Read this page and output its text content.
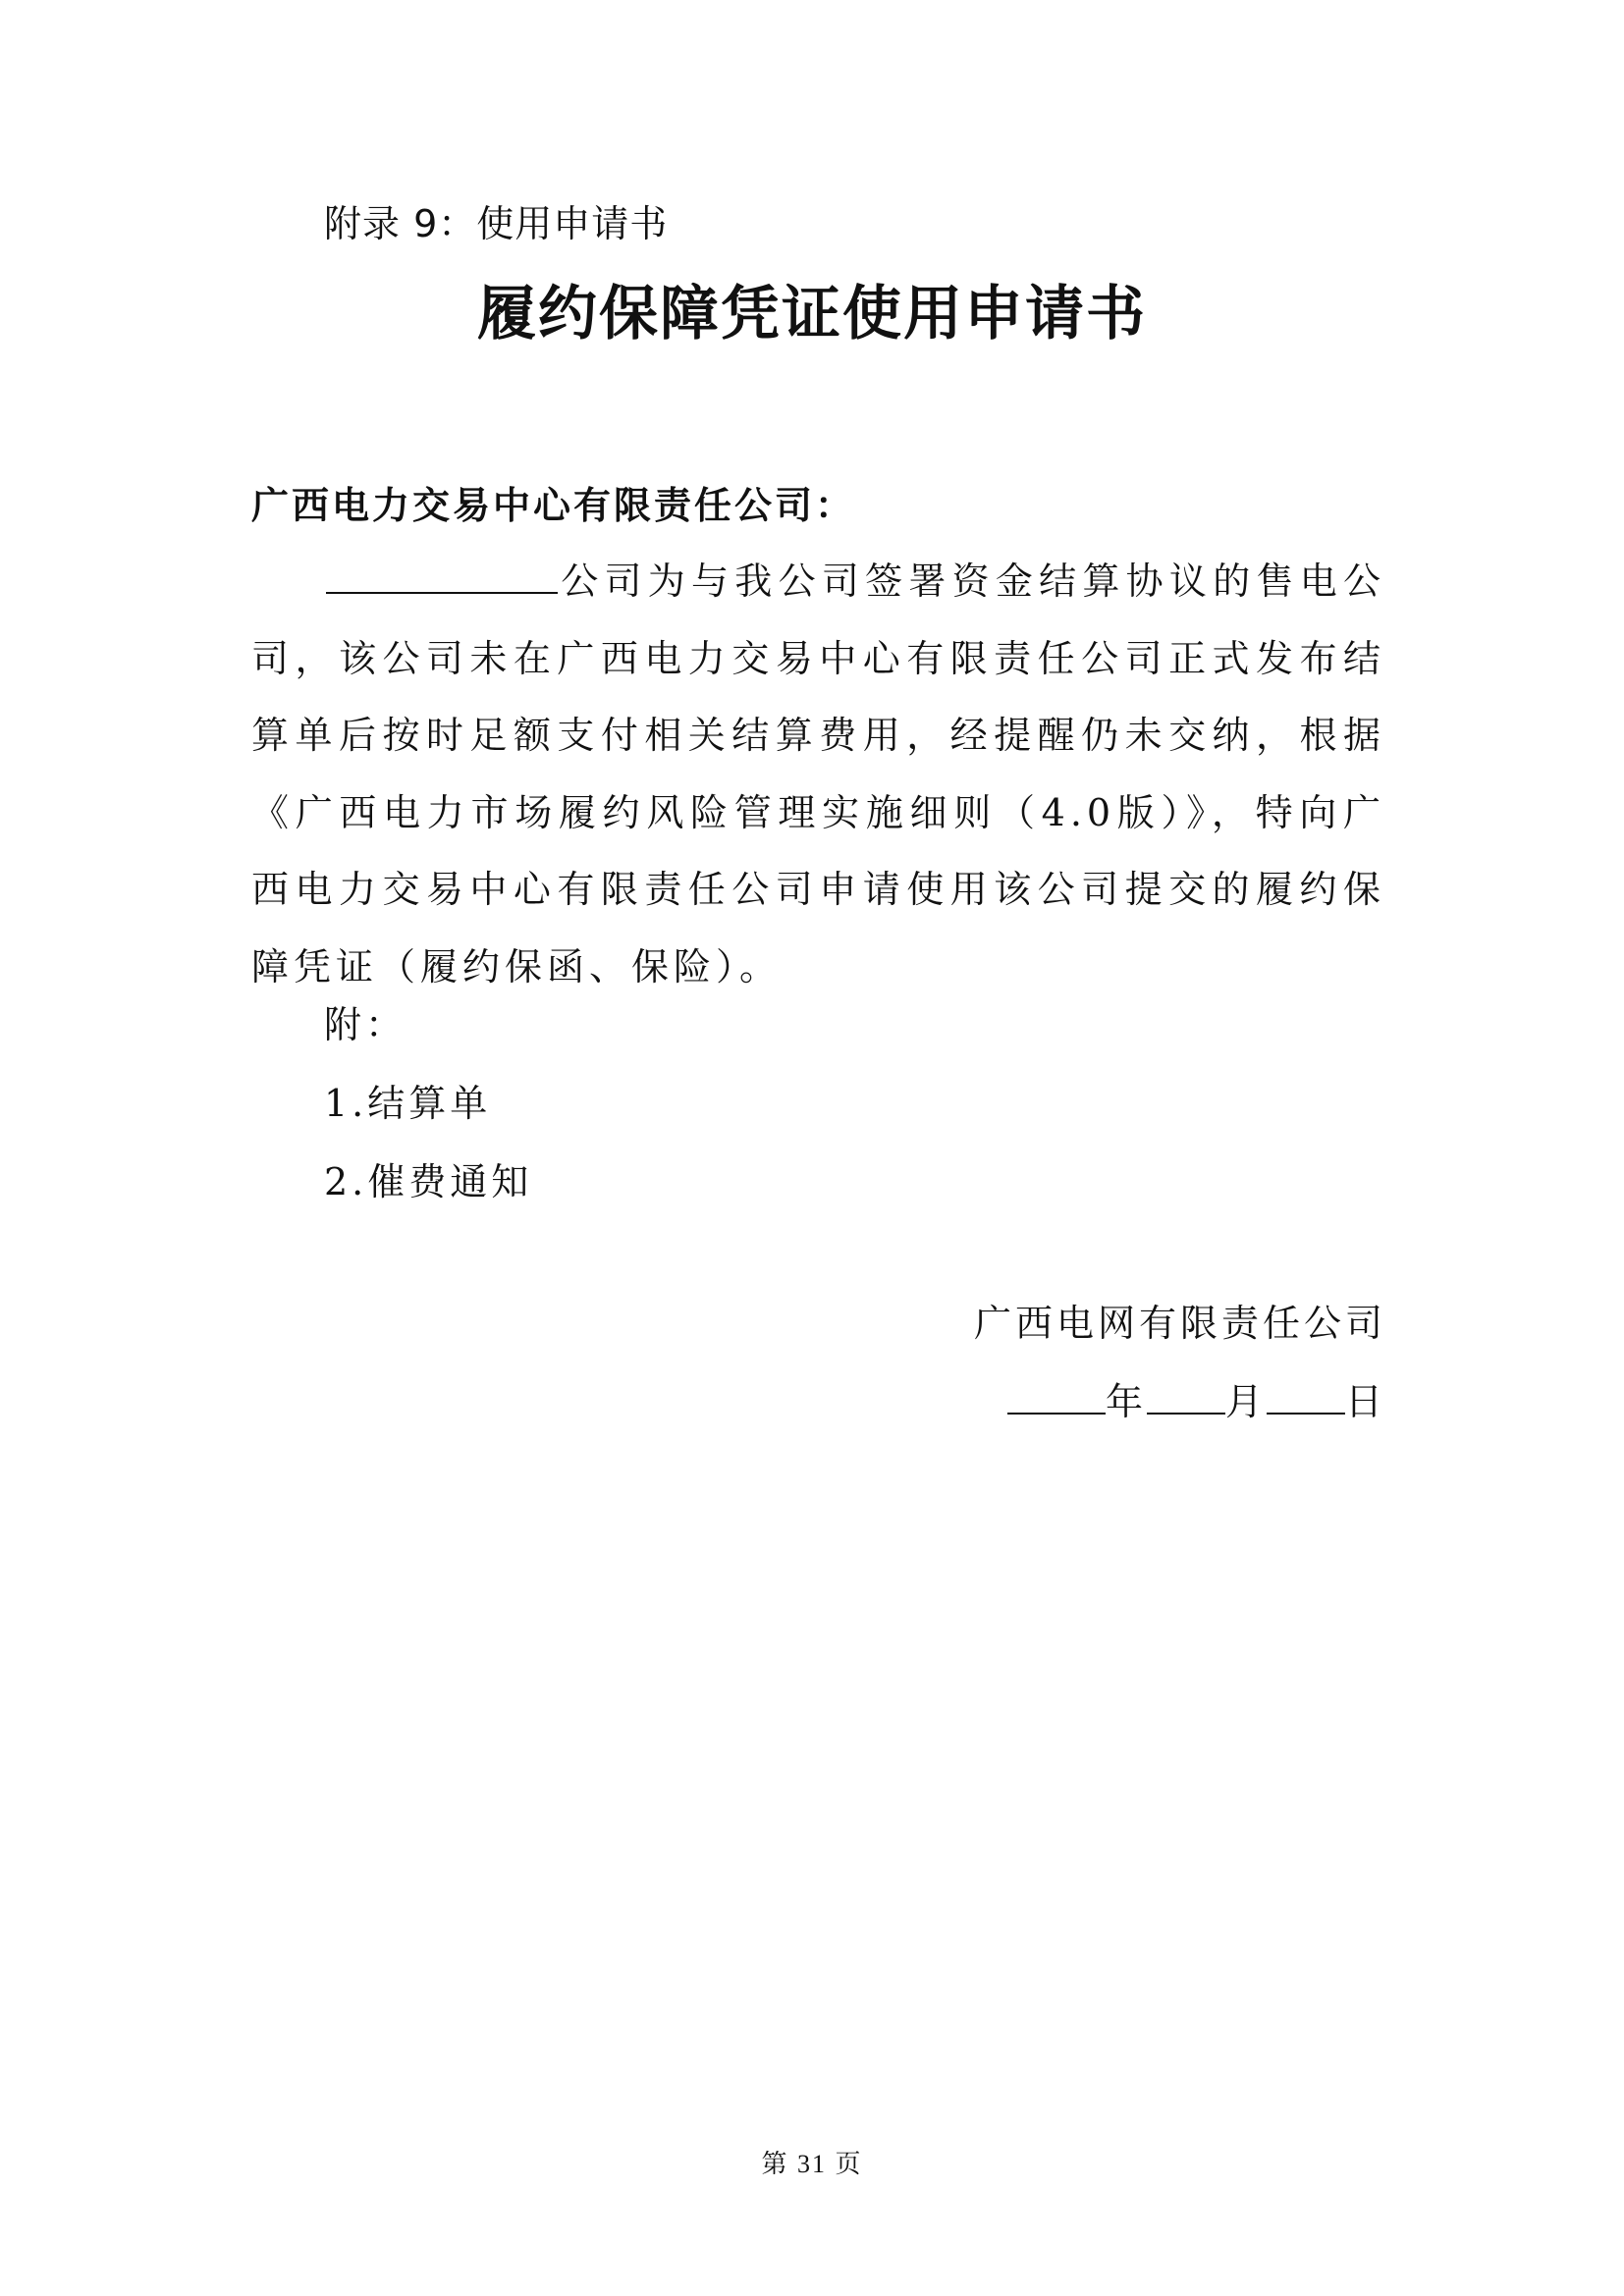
附录 9：使用申请书
履约保障凭证使用申请书
广西电力交易中心有限责任公司：

公司为与我公司签署资金结算协议的售电公司，该公司未在广西电力交易中心有限责任公司正式发布结算单后按时足额支付相关结算费用，经提醒仍未交纳，根据《广西电力市场履约风险管理实施细则（4.0版）》，特向广西电力交易中心有限责任公司申请使用该公司提交的履约保障凭证（履约保函、保险）。

附：
1.结算单
2.催费通知
广西电网有限责任公司
年 月 日
第 31 页
